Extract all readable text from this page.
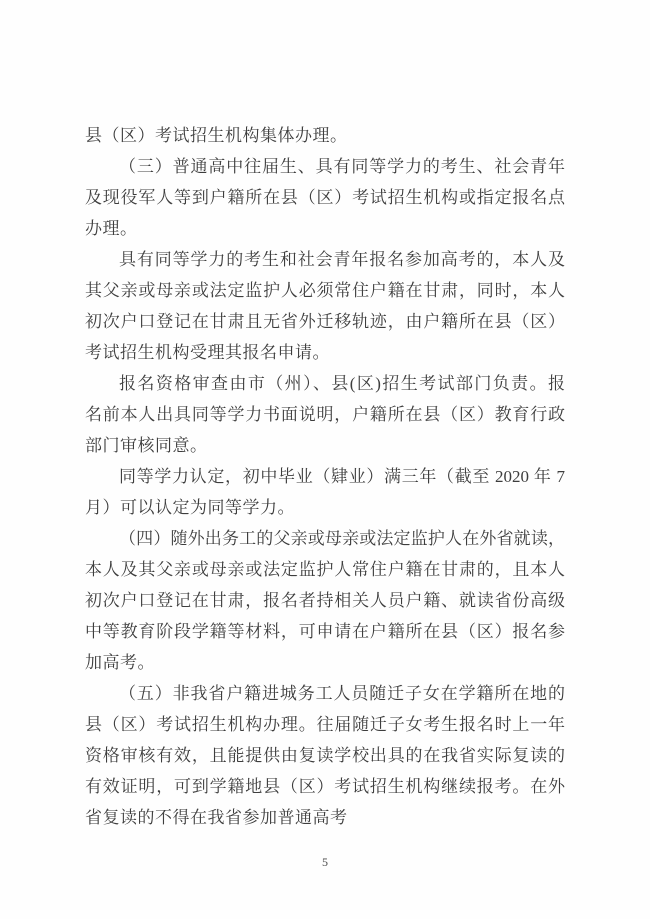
县（区）考试招生机构集体办理。
（三）普通高中往届生、具有同等学力的考生、社会青年
及现役军人等到户籍所在县（区）考试招生机构或指定报名点
办理。
具有同等学力的考生和社会青年报名参加高考的，本人及
其父亲或母亲或法定监护人必须常住户籍在甘肃，同时，本人
初次户口登记在甘肃且无省外迁移轨迹，由户籍所在县（区）
考试招生机构受理其报名申请。
报名资格审查由市（州）、县(区)招生考试部门负责。报
名前本人出具同等学力书面说明，户籍所在县（区）教育行政
部门审核同意。
同等学力认定，初中毕业（肄业）满三年（截至 2020 年 7
月）可以认定为同等学力。
（四）随外出务工的父亲或母亲或法定监护人在外省就读，
本人及其父亲或母亲或法定监护人常住户籍在甘肃的，且本人
初次户口登记在甘肃，报名者持相关人员户籍、就读省份高级
中等教育阶段学籍等材料，可申请在户籍所在县（区）报名参
加高考。
（五）非我省户籍进城务工人员随迁子女在学籍所在地的
县（区）考试招生机构办理。往届随迁子女考生报名时上一年
资格审核有效，且能提供由复读学校出具的在我省实际复读的
有效证明，可到学籍地县（区）考试招生机构继续报考。在外
省复读的不得在我省参加普通高考
5
